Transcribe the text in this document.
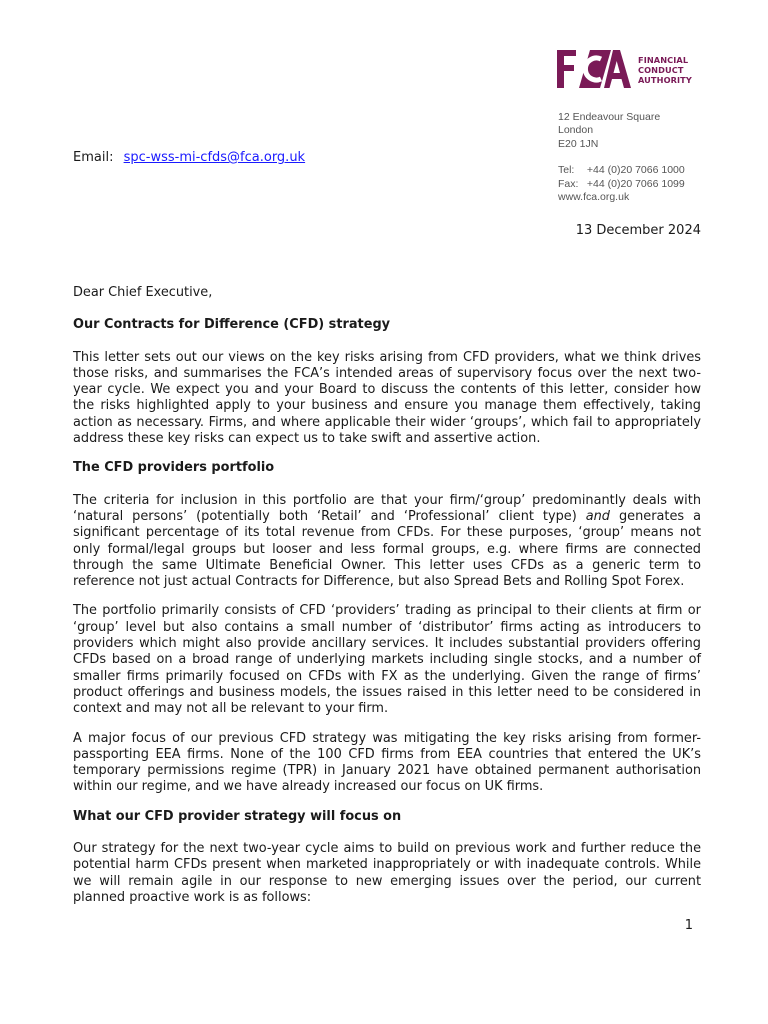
FINANCIAL
CONDUCT
AUTHORITY
12 Endeavour Square
London
E20 1JN
Tel: +44 (0)20 7066 1000
Fax: +44 (0)20 7066 1099
www.fca.org.uk
Email: spc-wss-mi-cfds@fca.org.uk
13 December 2024

Dear Chief Executive,

Our Contracts for Difference (CFD) strategy

This letter sets out our views on the key risks arising from CFD providers, what we think drives those risks, and summarises the FCA’s intended areas of supervisory focus over the next two-year cycle. We expect you and your Board to discuss the contents of this letter, consider how the risks highlighted apply to your business and ensure you manage them effectively, taking action as necessary. Firms, and where applicable their wider ‘groups’, which fail to appropriately address these key risks can expect us to take swift and assertive action.

The CFD providers portfolio

The criteria for inclusion in this portfolio are that your firm/‘group’ predominantly deals with ‘natural persons’ (potentially both ‘Retail’ and ‘Professional’ client type) and generates a significant percentage of its total revenue from CFDs. For these purposes, ‘group’ means not only formal/legal groups but looser and less formal groups, e.g. where firms are connected through the same Ultimate Beneficial Owner. This letter uses CFDs as a generic term to reference not just actual Contracts for Difference, but also Spread Bets and Rolling Spot Forex.

The portfolio primarily consists of CFD ‘providers’ trading as principal to their clients at firm or ‘group’ level but also contains a small number of ‘distributor’ firms acting as introducers to providers which might also provide ancillary services. It includes substantial providers offering CFDs based on a broad range of underlying markets including single stocks, and a number of smaller firms primarily focused on CFDs with FX as the underlying. Given the range of firms’ product offerings and business models, the issues raised in this letter need to be considered in context and may not all be relevant to your firm.

A major focus of our previous CFD strategy was mitigating the key risks arising from former-passporting EEA firms. None of the 100 CFD firms from EEA countries that entered the UK’s temporary permissions regime (TPR) in January 2021 have obtained permanent authorisation within our regime, and we have already increased our focus on UK firms.

What our CFD provider strategy will focus on

Our strategy for the next two-year cycle aims to build on previous work and further reduce the potential harm CFDs present when marketed inappropriately or with inadequate controls. While we will remain agile in our response to new emerging issues over the period, our current planned proactive work is as follows:

1
